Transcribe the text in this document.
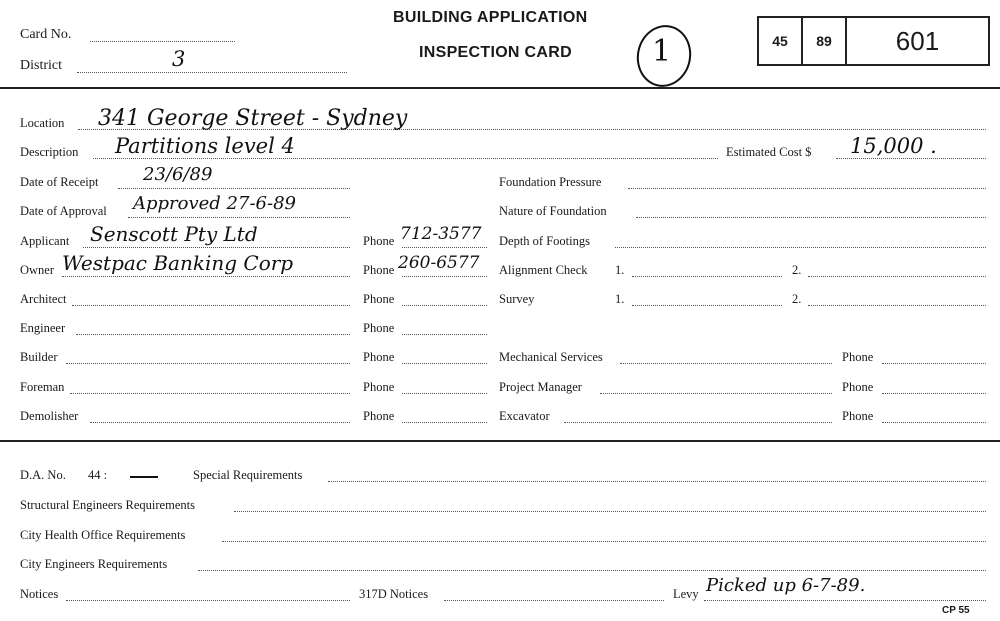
Card No.
District	3
BUILDING APPLICATION
INSPECTION CARD	1	45	89	601
Location 341 George Street - Sydney
Description Partitions level 4	Estimated Cost $ 15,000 .
Date of Receipt 23/6/89
Date of Approval Approved 27-6-89
Applicant Senscott Pty Ltd	Phone 712-3577
Owner Westpac Banking Corp	Phone 260-6577
Architect	Phone
Engineer	Phone
Builder	Phone
Foreman	Phone
Demolisher	Phone
Foundation Pressure
Nature of Foundation
Depth of Footings
Alignment Check 1.	2.
Survey	1.	2.
Mechanical Services	Phone
Project Manager	Phone
Excavator	Phone
D.A. No. 44 :	Special Requirements
Structural Engineers Requirements
City Health Office Requirements
City Engineers Requirements
Notices	317D Notices	Levy Picked up 6-7-89.
CP 55
